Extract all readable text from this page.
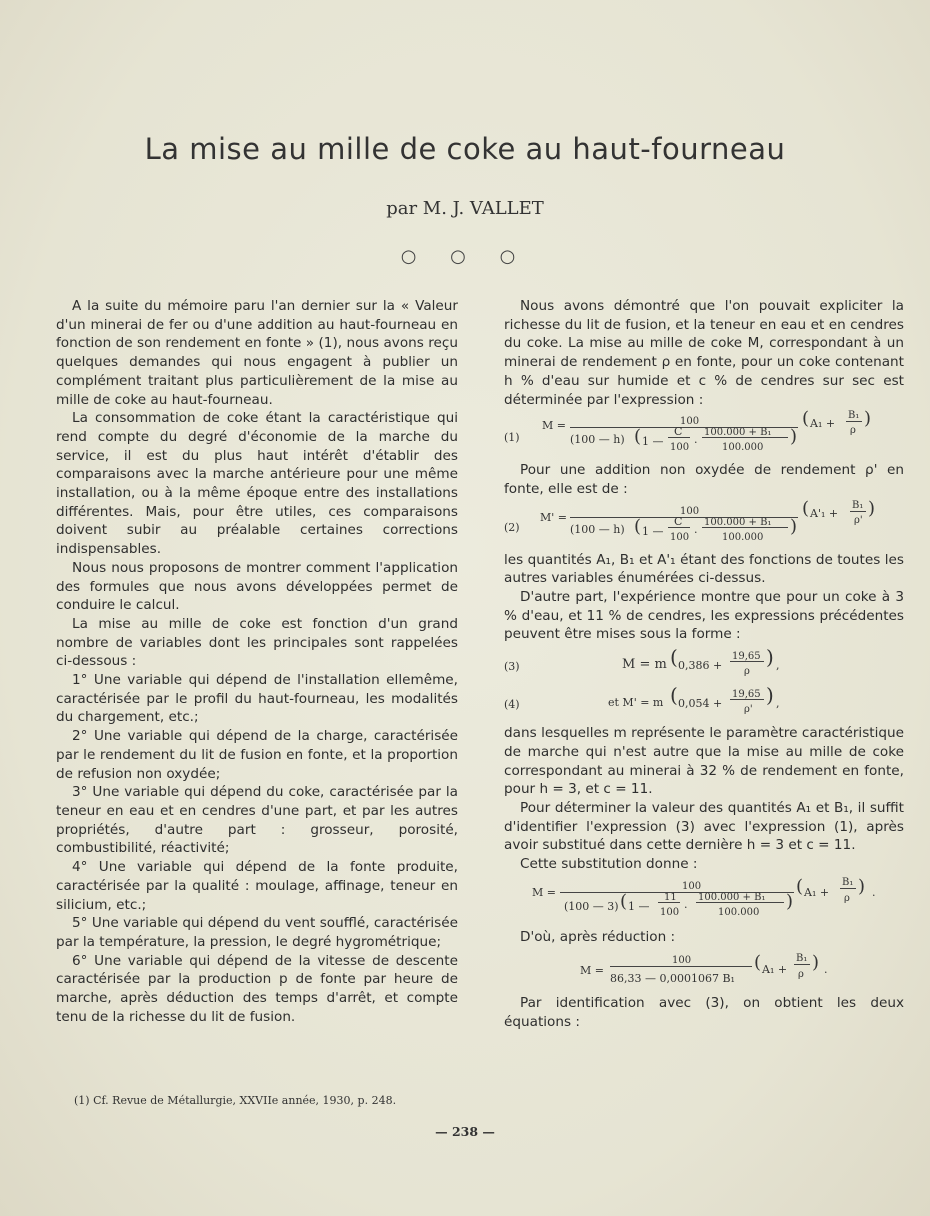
La mise au mille de coke au haut-fourneau
par M. J. VALLET
○ ○ ○

A la suite du mémoire paru l'an dernier sur la « Valeur d'un minerai de fer ou d'une addition au haut-fourneau en fonction de son rendement en fonte » (1), nous avons reçu quelques demandes qui nous engagent à publier un complément traitant plus particulièrement de la mise au mille de coke au haut-fourneau.

La consommation de coke étant la caractéristique qui rend compte du degré d'économie de la marche du service, il est du plus haut intérêt d'établir des comparaisons avec la marche antérieure pour une même installation, ou à la même époque entre des installations différentes. Mais, pour être utiles, ces comparaisons doivent subir au préalable certaines corrections indispensables.

Nous nous proposons de montrer comment l'application des formules que nous avons développées permet de conduire le calcul.

La mise au mille de coke est fonction d'un grand nombre de variables dont les principales sont rappelées ci-dessous :

1° Une variable qui dépend de l'installation ellemême, caractérisée par le profil du haut-fourneau, les modalités du chargement, etc.;

2° Une variable qui dépend de la charge, caractérisée par le rendement du lit de fusion en fonte, et la proportion de refusion non oxydée;

3° Une variable qui dépend du coke, caractérisée par la teneur en eau et en cendres d'une part, et par les autres propriétés, d'autre part : grosseur, porosité, combustibilité, réactivité;

4° Une variable qui dépend de la fonte produite, caractérisée par la qualité : moulage, affinage, teneur en silicium, etc.;

5° Une variable qui dépend du vent soufflé, caractérisée par la température, la pression, le degré hygrométrique;

6° Une variable qui dépend de la vitesse de descente caractérisée par la production p de fonte par heure de marche, après déduction des temps d'arrêt, et compte tenu de la richesse du lit de fusion.

(1) Cf. Revue de Métallurgie, XXVIIe année, 1930, p. 248.

Nous avons démontré que l'on pouvait expliciter la richesse du lit de fusion, et la teneur en eau et en cendres du coke. La mise au mille de coke M, correspondant à un minerai de rendement ρ en fonte, pour un coke contenant h % d'eau sur humide et c % de cendres sur sec est déterminée par l'expression :

(1)
M =	100
(100 — h) ( 1 —
C
100
.
100.000 + B₁
100.000
)
( A₁ +
B₁
ρ
)

Pour une addition non oxydée de rendement ρ' en fonte, elle est de :

(2)
M' =	100
(100 — h) ( 1 —
C
100
.
100.000 + B₁
100.000
)
( A'₁ +
B₁
ρ'
)

les quantités A₁, B₁ et A'₁ étant des fonctions de toutes les autres variables énumérées ci-dessus.

D'autre part, l'expérience montre que pour un coke à 3 % d'eau, et 11 % de cendres, les expressions précédentes peuvent être mises sous la forme :

(3)	M = m ( 0,386 +
19,65
ρ
) ,
(4)	et M' = m ( 0,054 +
19,65
ρ'
) ,

dans lesquelles m représente le paramètre caractéristique de marche qui n'est autre que la mise au mille de coke correspondant au minerai à 32 % de rendement en fonte, pour h = 3, et c = 11.

Pour déterminer la valeur des quantités A₁ et B₁, il suffit d'identifier l'expression (3) avec l'expression (1), après avoir substitué dans cette dernière h = 3 et c = 11.

Cette substitution donne :

M =	100
(100 — 3) ( 1 —
11
100
.
100.000 + B₁
100.000
)
( A₁ +
B₁
ρ
) .

D'où, après réduction :

M =
100
86,33 — 0,0001067 B₁
( A₁ +
B₁
ρ
) .

Par identification avec (3), on obtient les deux équations :

— 238 —
